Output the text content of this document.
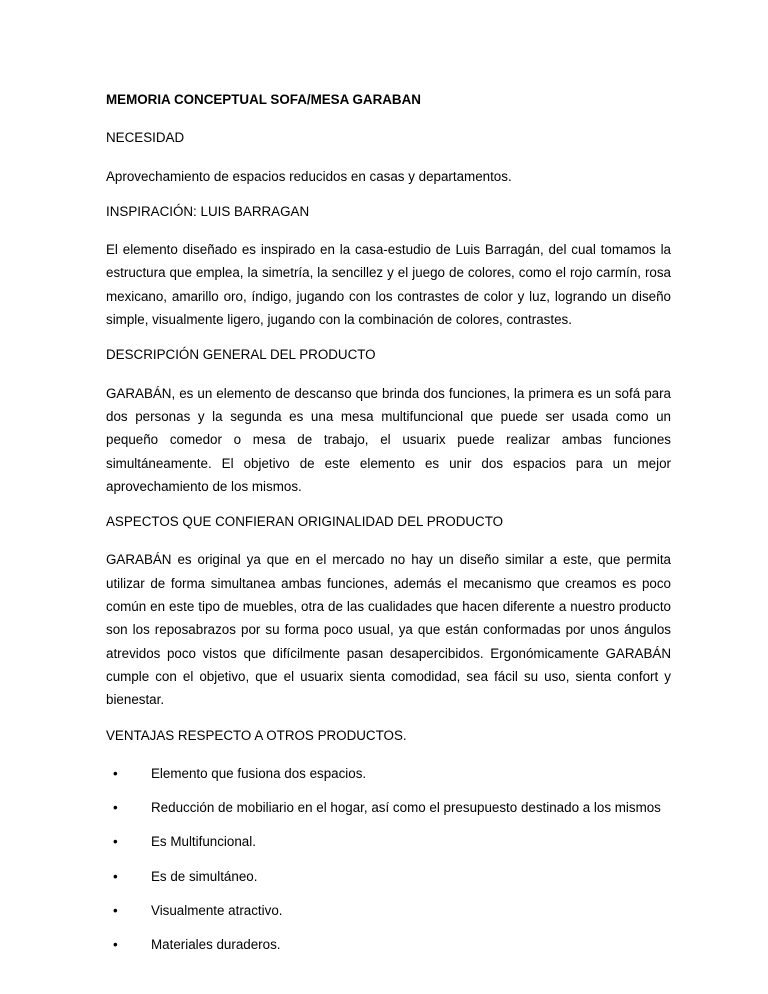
MEMORIA CONCEPTUAL SOFA/MESA GARABAN
NECESIDAD

Aprovechamiento de espacios reducidos en casas y departamentos.

INSPIRACIÓN: LUIS BARRAGAN

El elemento diseñado es inspirado en la casa-estudio de Luis Barragán, del cual tomamos la estructura que emplea, la simetría, la sencillez y el juego de colores, como el rojo carmín, rosa mexicano, amarillo oro, índigo, jugando con los contrastes de color y luz, logrando un diseño simple, visualmente ligero, jugando con la combinación de colores, contrastes.

DESCRIPCIÓN GENERAL DEL PRODUCTO

GARABÁN, es un elemento de descanso que brinda dos funciones, la primera es un sofá para dos personas y la segunda es una mesa multifuncional que puede ser usada como un pequeño comedor o mesa de trabajo, el usuarix puede realizar ambas funciones simultáneamente. El objetivo de este elemento es unir dos espacios para un mejor aprovechamiento de los mismos.

ASPECTOS QUE CONFIERAN ORIGINALIDAD DEL PRODUCTO

GARABÁN es original ya que en el mercado no hay un diseño similar a este, que permita utilizar de forma simultanea ambas funciones, además el mecanismo que creamos es poco común en este tipo de muebles, otra de las cualidades que hacen diferente a nuestro producto son los reposabrazos por su forma poco usual, ya que están conformadas por unos ángulos atrevidos poco vistos que difícilmente pasan desapercibidos. Ergonómicamente GARABÁN cumple con el objetivo, que el usuarix sienta comodidad, sea fácil su uso, sienta confort y bienestar.

VENTAJAS RESPECTO A OTROS PRODUCTOS.
• Elemento que fusiona dos espacios.
• Reducción de mobiliario en el hogar, así como el presupuesto destinado a los mismos
• Es Multifuncional.
• Es de simultáneo.
• Visualmente atractivo.
• Materiales duraderos.
